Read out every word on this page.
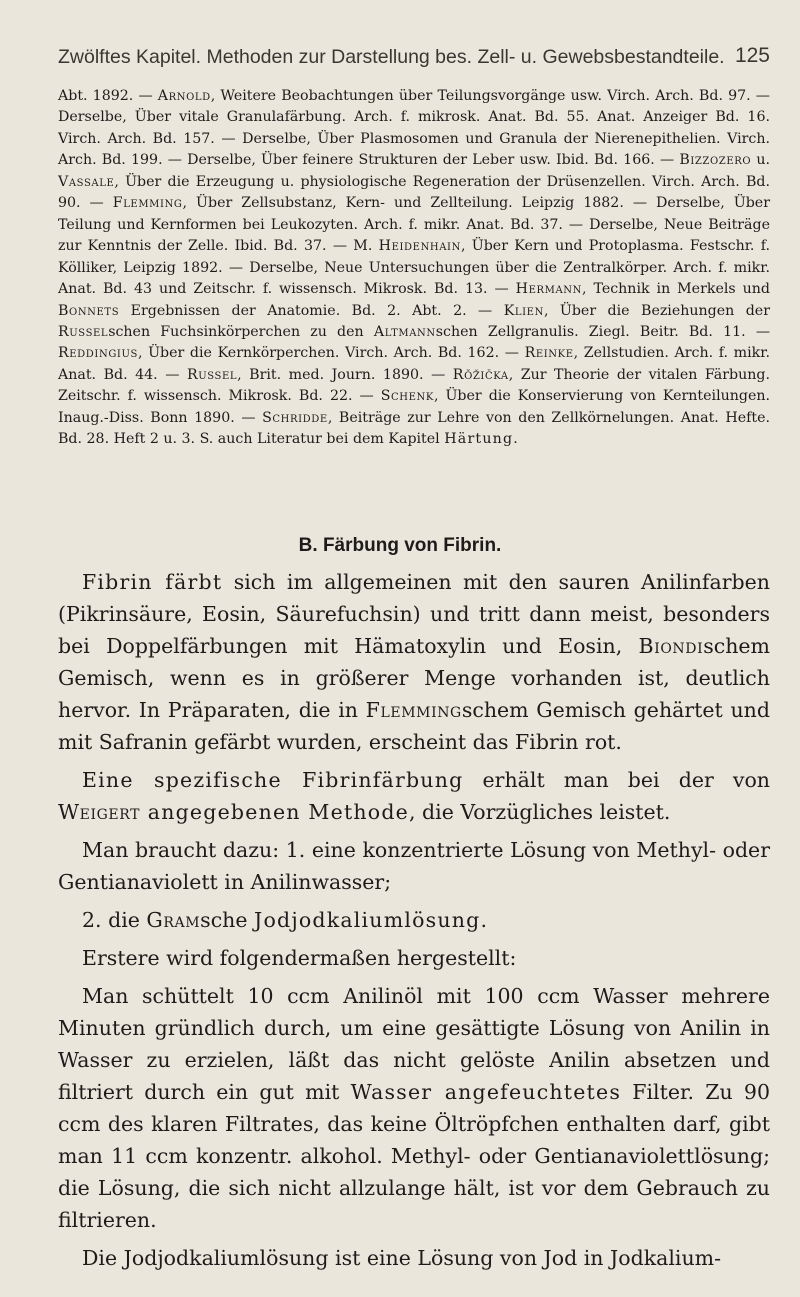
Zwölftes Kapitel. Methoden zur Darstellung bes. Zell- u. Gewebsbestandteile. 125

Abt. 1892. — Arnold, Weitere Beobachtungen über Teilungsvorgänge usw. Virch. Arch. Bd. 97. — Derselbe, Über vitale Granulafärbung. Arch. f. mikrosk. Anat. Bd. 55. Anat. Anzeiger Bd. 16. Virch. Arch. Bd. 157. — Derselbe, Über Plasmosomen und Granula der Nierenepithelien. Virch. Arch. Bd. 199. — Derselbe, Über feinere Strukturen der Leber usw. Ibid. Bd. 166. — Bizzozero u. Vassale, Über die Erzeugung u. physiologische Regeneration der Drüsenzellen. Virch. Arch. Bd. 90. — Flemming, Über Zellsubstanz, Kern- und Zellteilung. Leipzig 1882. — Derselbe, Über Teilung und Kernformen bei Leukozyten. Arch. f. mikr. Anat. Bd. 37. — Derselbe, Neue Beiträge zur Kenntnis der Zelle. Ibid. Bd. 37. — M. Heidenhain, Über Kern und Protoplasma. Festschr. f. Kölliker, Leipzig 1892. — Derselbe, Neue Untersuchungen über die Zentralkörper. Arch. f. mikr. Anat. Bd. 43 und Zeitschr. f. wissensch. Mikrosk. Bd. 13. — Hermann, Technik in Merkels und Bonnets Ergebnissen der Anatomie. Bd. 2. Abt. 2. — Klien, Über die Beziehungen der Russelschen Fuchsinkörperchen zu den Altmannschen Zellgranulis. Ziegl. Beitr. Bd. 11. — Reddingius, Über die Kernkörperchen. Virch. Arch. Bd. 162. — Reinke, Zellstudien. Arch. f. mikr. Anat. Bd. 44. — Russel, Brit. med. Journ. 1890. — Rŏžička, Zur Theorie der vitalen Färbung. Zeitschr. f. wissensch. Mikrosk. Bd. 22. — Schenk, Über die Konservierung von Kernteilungen. Inaug.-Diss. Bonn 1890. — Schridde, Beiträge zur Lehre von den Zellkörnelungen. Anat. Hefte. Bd. 28. Heft 2 u. 3. S. auch Literatur bei dem Kapitel Härtung.

B. Färbung von Fibrin.

Fibrin färbt sich im allgemeinen mit den sauren Anilinfarben (Pikrinsäure, Eosin, Säurefuchsin) und tritt dann meist, besonders bei Doppelfärbungen mit Hämatoxylin und Eosin, Biondischem Gemisch, wenn es in größerer Menge vorhanden ist, deutlich hervor. In Präparaten, die in Flemmingschem Gemisch gehärtet und mit Safranin gefärbt wurden, erscheint das Fibrin rot.

Eine spezifische Fibrinfärbung erhält man bei der von Weigert angegebenen Methode, die Vorzügliches leistet.

Man braucht dazu: 1. eine konzentrierte Lösung von Methyl- oder Gentianaviolett in Anilinwasser;

2. die Gramsche Jodjodkaliumlösung.

Erstere wird folgendermaßen hergestellt:

Man schüttelt 10 ccm Anilinöl mit 100 ccm Wasser mehrere Minuten gründlich durch, um eine gesättigte Lösung von Anilin in Wasser zu erzielen, läßt das nicht gelöste Anilin absetzen und filtriert durch ein gut mit Wasser angefeuchtetes Filter. Zu 90 ccm des klaren Filtrates, das keine Öltröpfchen enthalten darf, gibt man 11 ccm konzentr. alkohol. Methyl- oder Gentianaviolettlösung; die Lösung, die sich nicht allzulange hält, ist vor dem Gebrauch zu filtrieren.

Die Jodjodkaliumlösung ist eine Lösung von Jod in Jodkalium-
